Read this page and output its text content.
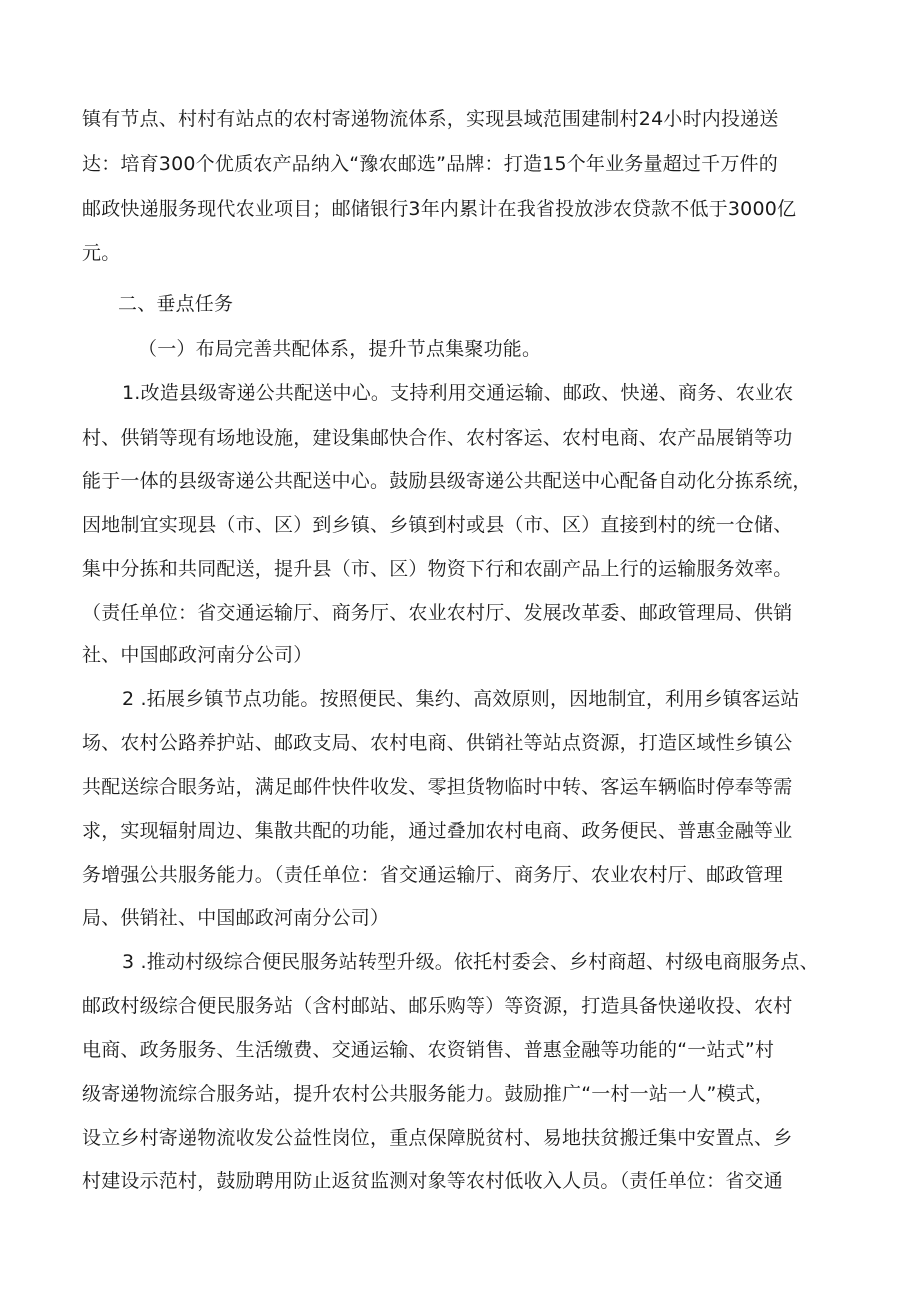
镇有节点、村村有站点的农村寄递物流体系，实现县域范围建制村24小时内投递送
达：培育300个优质农产品纳入“豫农邮选”品牌：打造15个年业务量超过千万件的
邮政快递服务现代农业项目；邮储银行3年内累计在我省投放涉农贷款不低于3000亿
元。
二、垂点任务
（一）布局完善共配体系，提升节点集聚功能。
1.改造县级寄递公共配送中心。支持利用交通运输、邮政、快递、商务、农业农
村、供销等现有场地设施，建设集邮快合作、农村客运、农村电商、农产品展销等功
能于一体的县级寄递公共配送中心。鼓励县级寄递公共配送中心配备自动化分拣系统，
因地制宜实现县（市、区）到乡镇、乡镇到村或县（市、区）直接到村的统一仓储、
集中分拣和共同配送，提升县（市、区）物资下行和农副产品上行的运输服务效率。
（责任单位：省交通运输厅、商务厅、农业农村厅、发展改革委、邮政管理局、供销
社、中国邮政河南分公司）
2 .拓展乡镇节点功能。按照便民、集约、高效原则，因地制宜，利用乡镇客运站
场、农村公路养护站、邮政支局、农村电商、供销社等站点资源，打造区域性乡镇公
共配送综合眼务站，满足邮件快件收发、零担货物临时中转、客运车辆临时停奉等需
求，实现辐射周边、集散共配的功能，通过叠加农村电商、政务便民、普惠金融等业
务增强公共服务能力。（责任单位：省交通运输厅、商务厅、农业农村厅、邮政管理
局、供销社、中国邮政河南分公司）
3 .推动村级综合便民服务站转型升级。依托村委会、乡村商超、村级电商服务点、
邮政村级综合便民服务站（含村邮站、邮乐购等）等资源，打造具备快递收投、农村
电商、政务服务、生活缴费、交通运输、农资销售、普惠金融等功能的“一站式”村
级寄递物流综合服务站，提升农村公共服务能力。鼓励推广“一村一站一人”模式，
设立乡村寄递物流收发公益性岗位，重点保障脱贫村、易地扶贫搬迁集中安置点、乡
村建设示范村，鼓励聘用防止返贫监测对象等农村低收入人员。（责任单位：省交通
